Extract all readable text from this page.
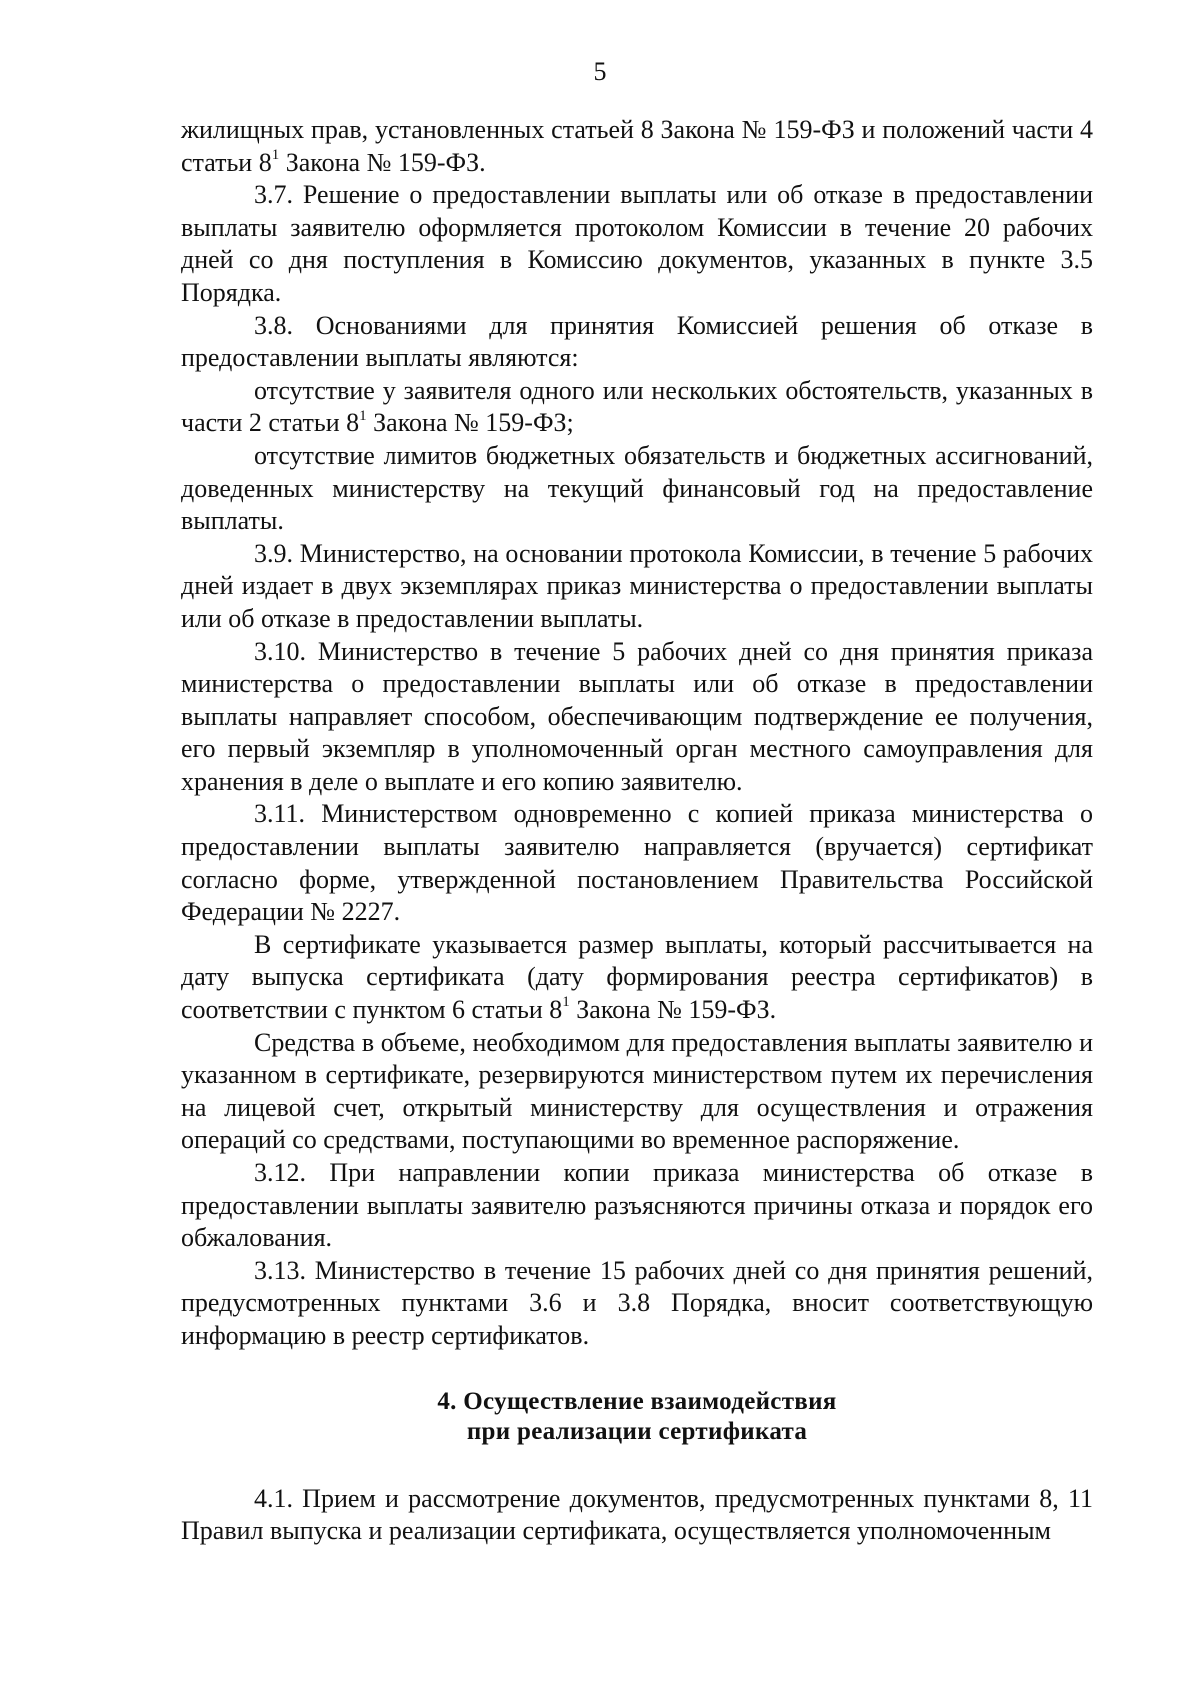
5

жилищных прав, установленных статьей 8 Закона № 159-ФЗ и положений части 4 статьи $8^1$ Закона № 159-ФЗ.

3.7. Решение о предоставлении выплаты или об отказе в предоставлении выплаты заявителю оформляется протоколом Комиссии в течение 20 рабочих дней со дня поступления в Комиссию документов, указанных в пункте 3.5 Порядка.

3.8. Основаниями для принятия Комиссией решения об отказе в предоставлении выплаты являются:

отсутствие у заявителя одного или нескольких обстоятельств, указанных в части 2 статьи $8^1$ Закона № 159-ФЗ;

отсутствие лимитов бюджетных обязательств и бюджетных ассигнований, доведенных министерству на текущий финансовый год на предоставление выплаты.

3.9. Министерство, на основании протокола Комиссии, в течение 5 рабочих дней издает в двух экземплярах приказ министерства о предоставлении выплаты или об отказе в предоставлении выплаты.

3.10. Министерство в течение 5 рабочих дней со дня принятия приказа министерства о предоставлении выплаты или об отказе в предоставлении выплаты направляет способом, обеспечивающим подтверждение ее получения, его первый экземпляр в уполномоченный орган местного самоуправления для хранения в деле о выплате и его копию заявителю.

3.11. Министерством одновременно с копией приказа министерства о предоставлении выплаты заявителю направляется (вручается) сертификат согласно форме, утвержденной постановлением Правительства Российской Федерации № 2227.

В сертификате указывается размер выплаты, который рассчитывается на дату выпуска сертификата (дату формирования реестра сертификатов) в соответствии с пунктом 6 статьи $8^1$ Закона № 159-ФЗ.

Средства в объеме, необходимом для предоставления выплаты заявителю и указанном в сертификате, резервируются министерством путем их перечисления на лицевой счет, открытый министерству для осуществления и отражения операций со средствами, поступающими во временное распоряжение.

3.12. При направлении копии приказа министерства об отказе в предоставлении выплаты заявителю разъясняются причины отказа и порядок его обжалования.

3.13. Министерство в течение 15 рабочих дней со дня принятия решений, предусмотренных пунктами 3.6 и 3.8 Порядка, вносит соответствующую информацию в реестр сертификатов.

4. Осуществление взаимодействия

при реализации сертификата

4.1. Прием и рассмотрение документов, предусмотренных пунктами 8, 11 Правил выпуска и реализации сертификата, осуществляется уполномоченным
